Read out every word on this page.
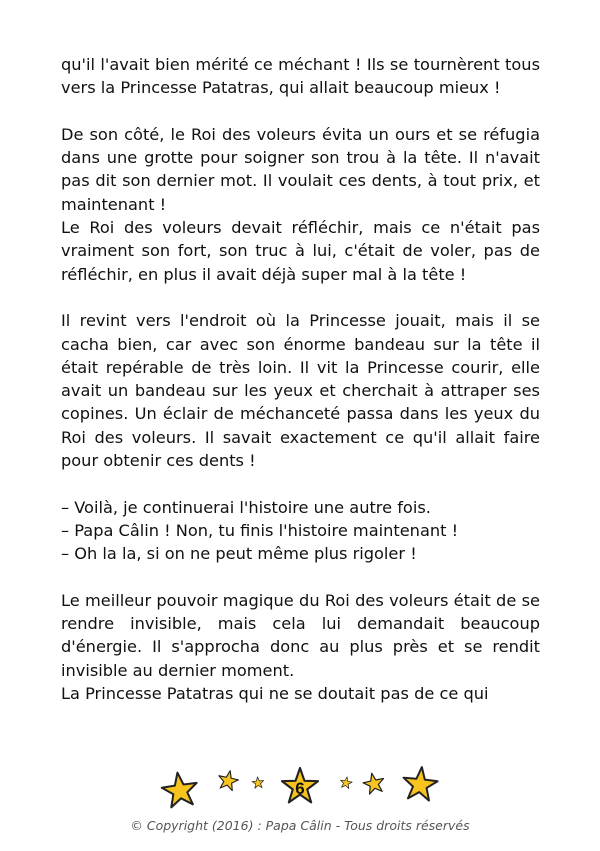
qu'il l'avait bien mérité ce méchant ! Ils se tournèrent tous vers la Princesse Patatras, qui allait beaucoup mieux !

De son côté, le Roi des voleurs évita un ours et se réfugia dans une grotte pour soigner son trou à la tête. Il n'avait pas dit son dernier mot. Il voulait ces dents, à tout prix, et maintenant !

Le Roi des voleurs devait réfléchir, mais ce n'était pas vraiment son fort, son truc à lui, c'était de voler, pas de réfléchir, en plus il avait déjà super mal à la tête !

Il revint vers l'endroit où la Princesse jouait, mais il se cacha bien, car avec son énorme bandeau sur la tête il était repérable de très loin. Il vit la Princesse courir, elle avait un bandeau sur les yeux et cherchait à attraper ses copines. Un éclair de méchanceté passa dans les yeux du Roi des voleurs. Il savait exactement ce qu'il allait faire pour obtenir ces dents !

– Voilà, je continuerai l'histoire une autre fois.
– Papa Câlin ! Non, tu finis l'histoire maintenant !
– Oh la la, si on ne peut même plus rigoler !

Le meilleur pouvoir magique du Roi des voleurs était de se rendre invisible, mais cela lui demandait beaucoup d'énergie. Il s'approcha donc au plus près et se rendit invisible au dernier moment.

La Princesse Patatras qui ne se doutait pas de ce qui

6
© Copyright (2016) : Papa Câlin - Tous droits réservés
